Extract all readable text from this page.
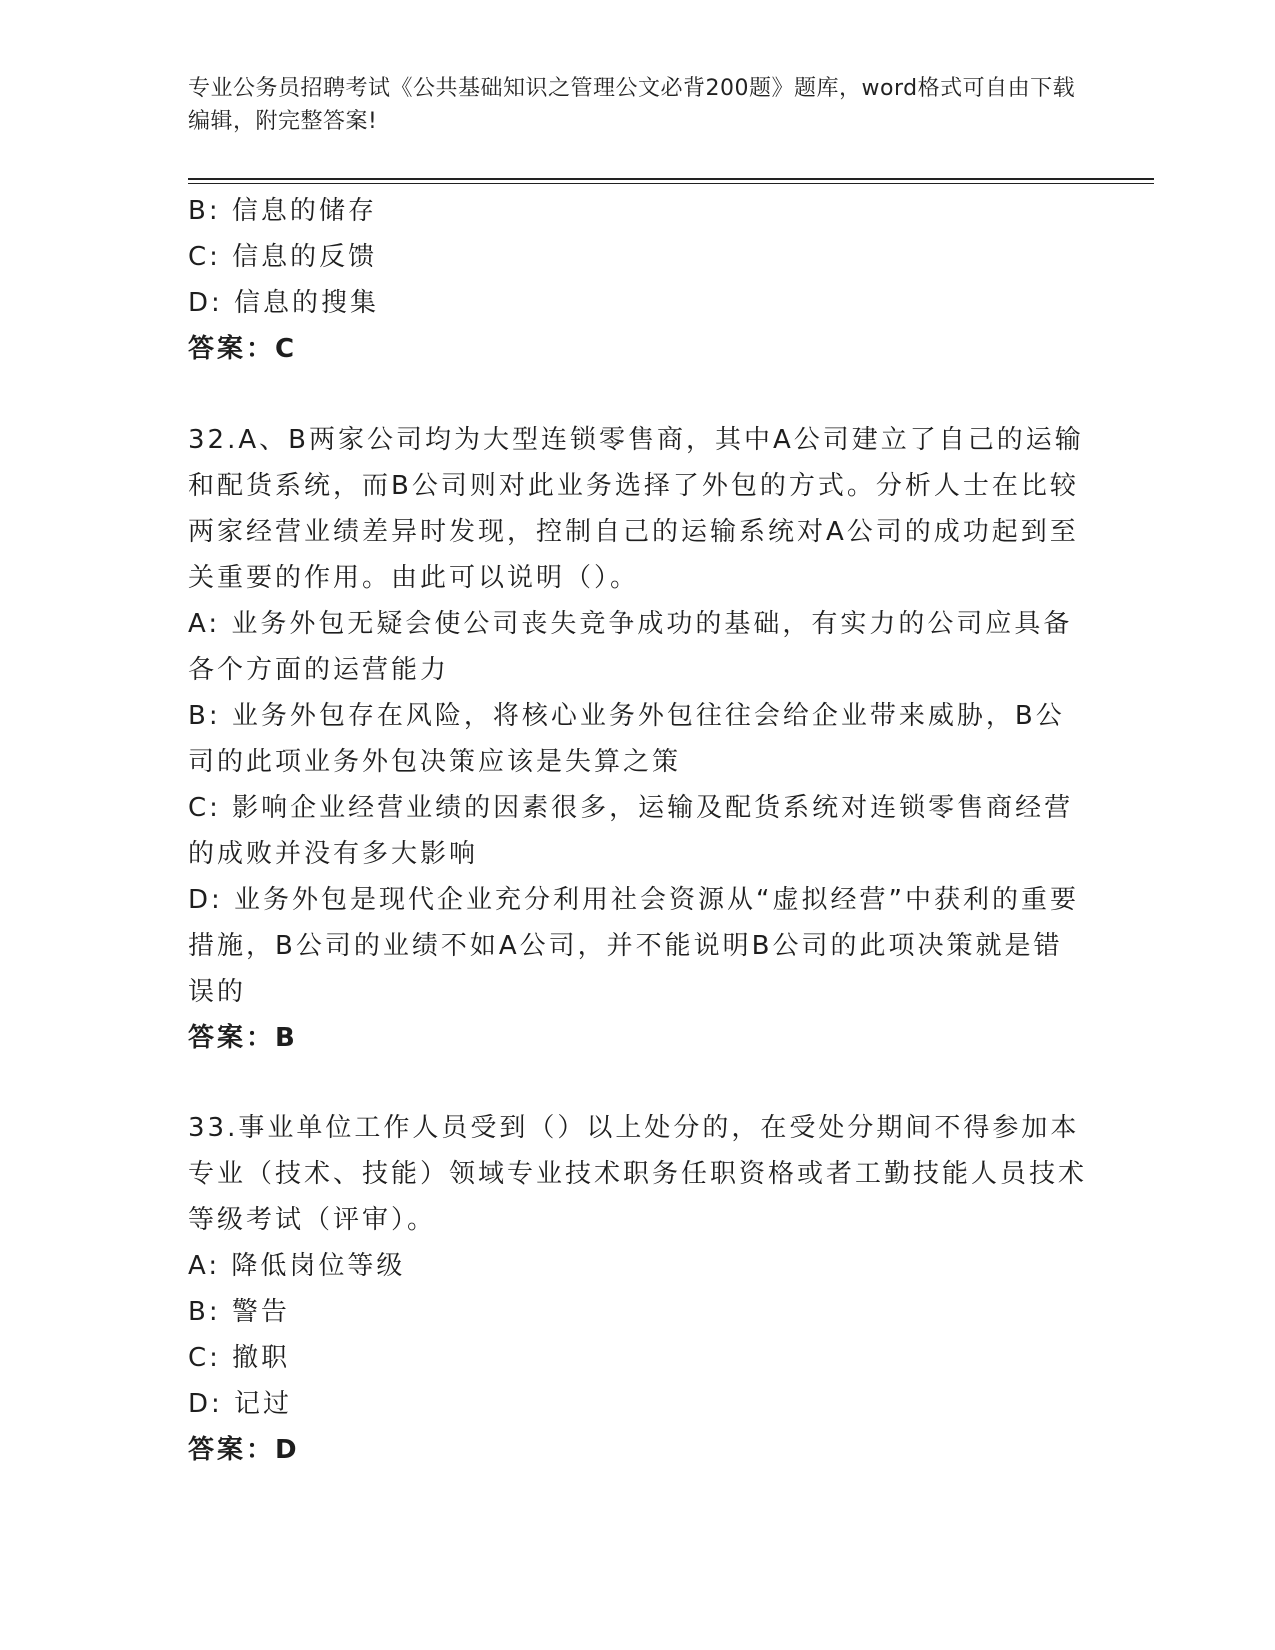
专业公务员招聘考试《公共基础知识之管理公文必背200题》题库，word格式可自由下载编辑，附完整答案!

B: 信息的储存

C: 信息的反馈

D: 信息的搜集

答案：C

32.A、B两家公司均为大型连锁零售商，其中A公司建立了自己的运输和配货系统，而B公司则对此业务选择了外包的方式。分析人士在比较两家经营业绩差异时发现，控制自己的运输系统对A公司的成功起到至关重要的作用。由此可以说明（）。

A: 业务外包无疑会使公司丧失竞争成功的基础，有实力的公司应具备各个方面的运营能力

B: 业务外包存在风险，将核心业务外包往往会给企业带来威胁，B公司的此项业务外包决策应该是失算之策

C: 影响企业经营业绩的因素很多，运输及配货系统对连锁零售商经营的成败并没有多大影响

D: 业务外包是现代企业充分利用社会资源从“虚拟经营”中获利的重要措施，B公司的业绩不如A公司，并不能说明B公司的此项决策就是错误的

答案：B

33.事业单位工作人员受到（）以上处分的，在受处分期间不得参加本专业（技术、技能）领域专业技术职务任职资格或者工勤技能人员技术等级考试（评审）。

A: 降低岗位等级

B: 警告

C: 撤职

D: 记过

答案：D
